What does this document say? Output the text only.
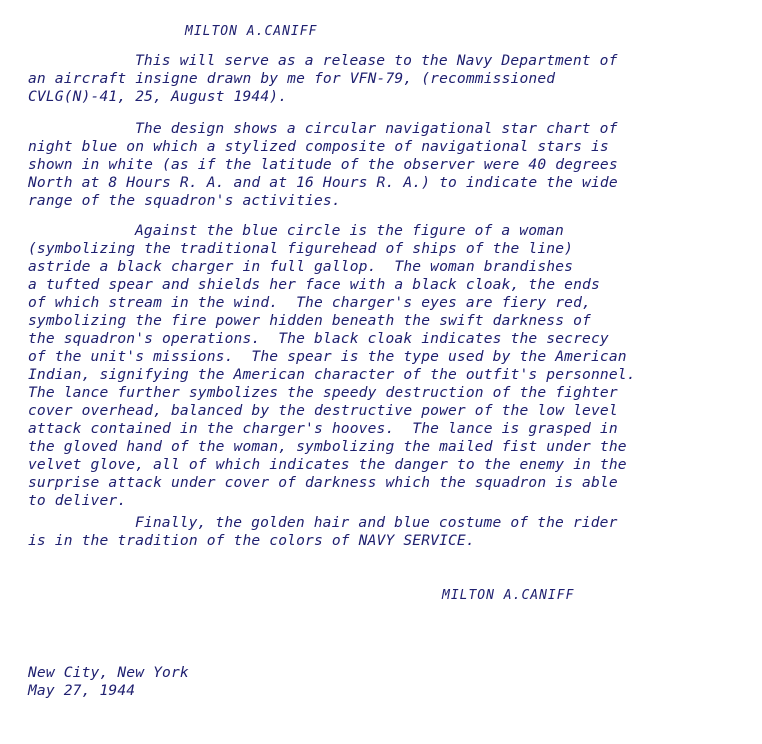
MILTON A.CANIFF
This will serve as a release to the Navy Department of
an aircraft insigne drawn by me for VFN-79, (recommissioned
CVLG(N)-41, 25, August 1944).
The design shows a circular navigational star chart of
night blue on which a stylized composite of navigational stars is
shown in white (as if the latitude of the observer were 40 degrees
North at 8 Hours R. A. and at 16 Hours R. A.) to indicate the wide
range of the squadron's activities.
Against the blue circle is the figure of a woman
(symbolizing the traditional figurehead of ships of the line)
astride a black charger in full gallop.  The woman brandishes
a tufted spear and shields her face with a black cloak, the ends
of which stream in the wind.  The charger's eyes are fiery red,
symbolizing the fire power hidden beneath the swift darkness of
the squadron's operations.  The black cloak indicates the secrecy
of the unit's missions.  The spear is the type used by the American
Indian, signifying the American character of the outfit's personnel.
The lance further symbolizes the speedy destruction of the fighter
cover overhead, balanced by the destructive power of the low level
attack contained in the charger's hooves.  The lance is grasped in
the gloved hand of the woman, symbolizing the mailed fist under the
velvet glove, all of which indicates the danger to the enemy in the
surprise attack under cover of darkness which the squadron is able
to deliver.
Finally, the golden hair and blue costume of the rider
is in the tradition of the colors of NAVY SERVICE.
MILTON A.CANIFF
New City, New York
May 27, 1944
